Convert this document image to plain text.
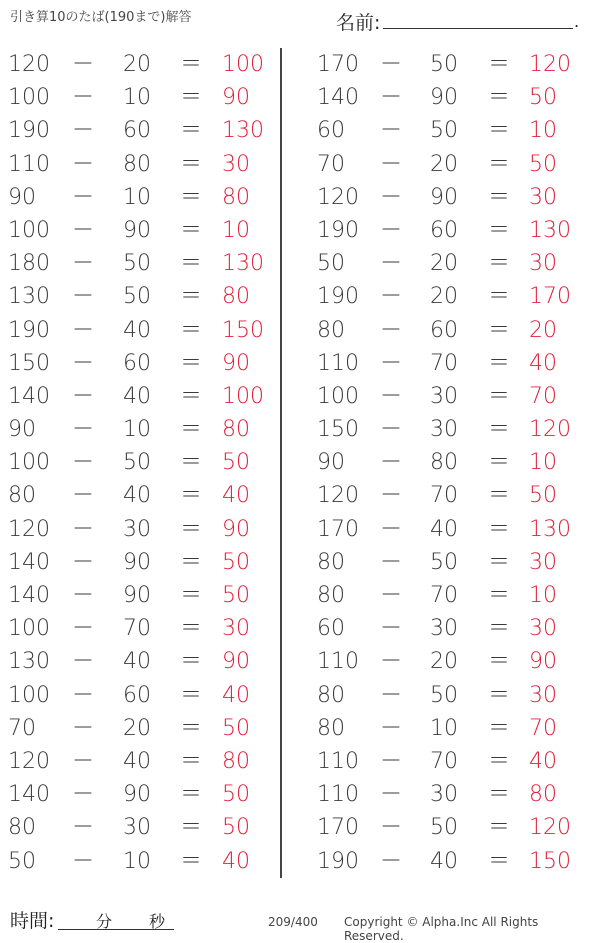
引き算10のたば(190まで)解答	名前:	.
120 － 20 ＝ 100
100 － 10 ＝ 90
190 － 60 ＝ 130
110 － 80 ＝ 30
90 － 10 ＝ 80
100 － 90 ＝ 10
180 － 50 ＝ 130
130 － 50 ＝ 80
190 － 40 ＝ 150
150 － 60 ＝ 90
140 － 40 ＝ 100
90 － 10 ＝ 80
100 － 50 ＝ 50
80 － 40 ＝ 40
120 － 30 ＝ 90
140 － 90 ＝ 50
140 － 90 ＝ 50
100 － 70 ＝ 30
130 － 40 ＝ 90
100 － 60 ＝ 40
70 － 20 ＝ 50
120 － 40 ＝ 80
140 － 90 ＝ 50
80 － 30 ＝ 50
50 － 10 ＝ 40
170 － 50 ＝ 120
140 － 90 ＝ 50
60 － 50 ＝ 10
70 － 20 ＝ 50
120 － 90 ＝ 30
190 － 60 ＝ 130
50 － 20 ＝ 30
190 － 20 ＝ 170
80 － 60 ＝ 20
110 － 70 ＝ 40
100 － 30 ＝ 70
150 － 30 ＝ 120
90 － 80 ＝ 10
120 － 70 ＝ 50
170 － 40 ＝ 130
80 － 50 ＝ 30
80 － 70 ＝ 10
60 － 30 ＝ 30
110 － 20 ＝ 90
80 － 50 ＝ 30
80 － 10 ＝ 70
110 － 70 ＝ 40
110 － 30 ＝ 80
170 － 50 ＝ 120
190 － 40 ＝ 150
時間:	分 秒	209/400 Copyright © Alpha.Inc All Rights Reserved.
